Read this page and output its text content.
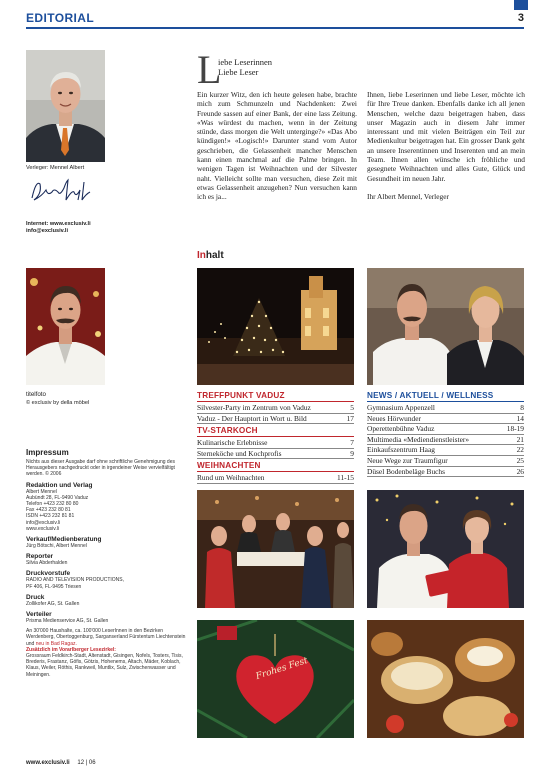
EDITORIAL	3
Verleger: Mennel Albert
Internet: www.exclusiv.li
info@exclusiv.li
titelfoto
© exclusiv by della möbel
Impressum
Nichts aus dieser Ausgabe darf ohne schriftliche Genehmigung des Herausgebers nachgedruckt oder in irgendeiner Weise vervielfältigt werden. © 2006
Redaktion und Verlag
Albert Mennel
Aubündt 28, FL-9490 Vaduz
Telefon +423 232 80 80
Fax +423 232 80 81
ISDN +423 232 81 81
info@exclusiv.li
www.exclusiv.li
Verkauf/Medienberatung
Jürg Bötschi, Albert Mennel
Reporter
Silvia Abderhalden
Druckvorstufe
RADIO AND TELEVISION PRODUCTIONS,
PF 406, FL-9495 Triesen
Druck
Zollikofer AG, St. Gallen
Verteiler
Prisma Medienservice AG, St. Gallen
An 30'000 Haushalte, ca. 100'000 LeserInnen in den Bezirken Werdenberg, Obertoggenburg, Sarganserland Fürstentum Liechtenstein und neu in Bad Ragaz.
Zusätzlich im Vorarlberger Lesezirkel:
Grossraum Feldkirch-Stadt, Altenstadt, Gisingen, Nofels, Tosters, Tisis, Brederis, Frastanz, Göfis, Götzis, Hohenems, Altach, Mäder, Koblach, Klaus, Weiler, Röthis, Rankweil, Muntlix, Sulz, Zwischenwasser und Meiningen.
L
iebe Leserinnen
Liebe Leser
Ein kurzer Witz, den ich heute gelesen habe, brachte mich zum Schmunzeln und Nachdenken: Zwei Freunde sassen auf einer Bank, der eine lass Zeitung. «Was würdest du machen, wenn in der Zeitung stünde, dass morgen die Welt unterginge?» «Das Abo kündigen!» «Logisch!» Darunter stand vom Autor geschrieben, die Gelassenheit mancher Menschen kann einen manchmal auf die Palme bringen. In wenigen Tagen ist Weihnachten und der Silvester naht. Vielleicht sollte man versuchen, diese Zeit mit etwas Gelassenheit anzugehen? Nun versuchen kann ich es ja...
Ihnen, liebe Leserinnen und liebe Leser, möchte ich für Ihre Treue danken. Ebenfalls danke ich all jenen Menschen, welche dazu beigetragen haben, dass unser Magazin auch in diesem Jahr immer interessant und mit vielen Beiträgen ein Teil zur Medienkultur beigetragen hat. Ein grosser Dank geht an unsere Inserentinnen und Inserenten und an mein Team. Ihnen allen wünsche ich fröhliche und gesegnete Weihnachten und alles Gute, Glück und Gesundheit im neuen Jahr.
Ihr Albert Mennel, Verleger
Inhalt
TREFFPUNKT VADUZ
Silvester-Party im Zentrum von Vaduz	5
Vaduz - Der Hauptort in Wort u. Bild	17
TV-STARKOCH
Kulinarische Erlebnisse	7
Sterneköche und Kochprofis	9
WEIHNACHTEN
Rund um Weihnachten	11-15
NEWS / AKTUELL / WELLNESS
Gymnasium Appenzell	8
Neues Hörwunder	14
Operettenbühne Vaduz	18-19
Multimedia «Mediendienstleister»	21
Einkaufszentrum Haag	22
Neue Wege zur Traumfigur	25
Düsel Bodenbeläge Buchs	26
Frohes Fest
www.exclusiv.li 12 | 06
